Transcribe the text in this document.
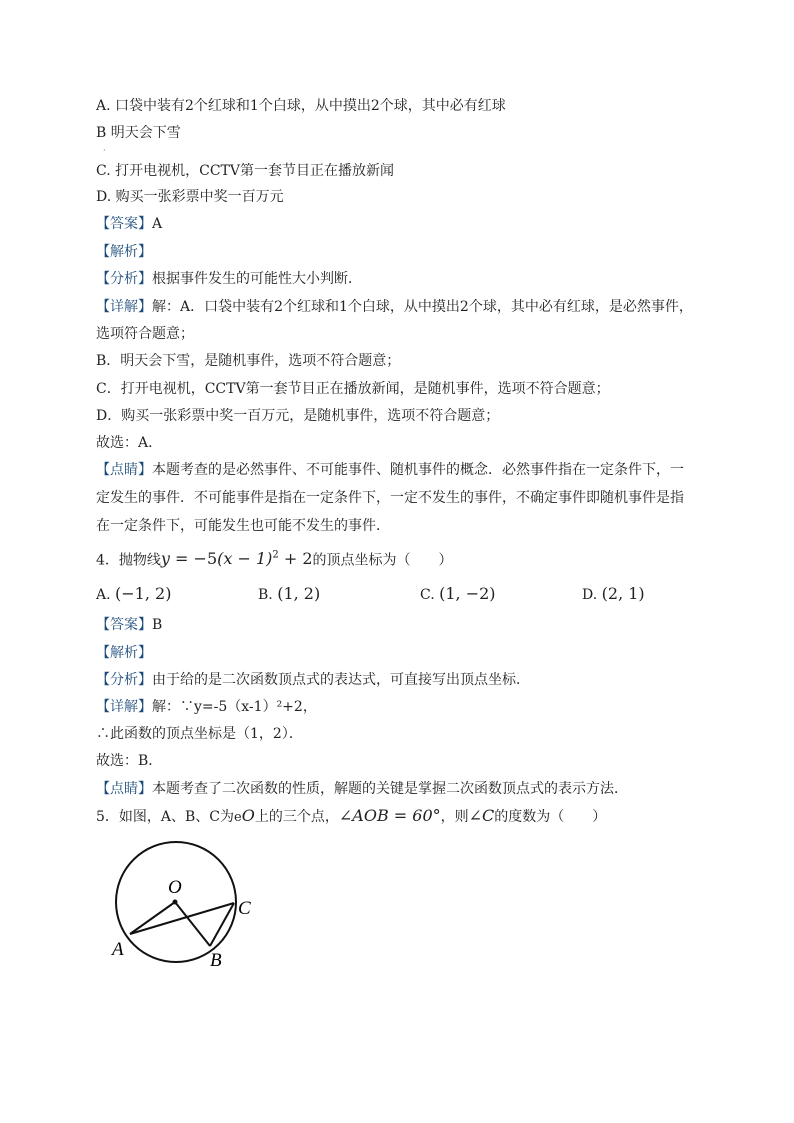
A. 口袋中装有2个红球和1个白球，从中摸出2个球，其中必有红球
B 明天会下雪
·
C. 打开电视机，CCTV第一套节目正在播放新闻
D. 购买一张彩票中奖一百万元
【答案】A
【解析】
【分析】根据事件发生的可能性大小判断．
【详解】解：A．口袋中装有2个红球和1个白球，从中摸出2个球，其中必有红球，是必然事件，
选项符合题意；
B．明天会下雪，是随机事件，选项不符合题意；
C．打开电视机，CCTV第一套节目正在播放新闻，是随机事件，选项不符合题意；
D．购买一张彩票中奖一百万元，是随机事件，选项不符合题意；
故选：A．
【点睛】本题考查的是必然事件、不可能事件、随机事件的概念．必然事件指在一定条件下，一定发生的事件．不可能事件是指在一定条件下，一定不发生的事件，不确定事件即随机事件是指在一定条件下，可能发生也可能不发生的事件．
4．抛物线$y = -5(x - 1)^2 + 2$的顶点坐标为（　　）
A. (−1, 2)	B. (1, 2)	C. (1, −2)	D. (2, 1)
【答案】B
【解析】
【分析】由于给的是二次函数顶点式的表达式，可直接写出顶点坐标．
【详解】解：∵y=-5（x-1）²+2，
∴此函数的顶点坐标是（1，2）．
故选：B．
【点睛】本题考查了二次函数的性质，解题的关键是掌握二次函数顶点式的表示方法．
5．如图，A、B、C为eO上的三个点，∠AOB = 60°，则∠C的度数为（　　）
O
A
B
C
